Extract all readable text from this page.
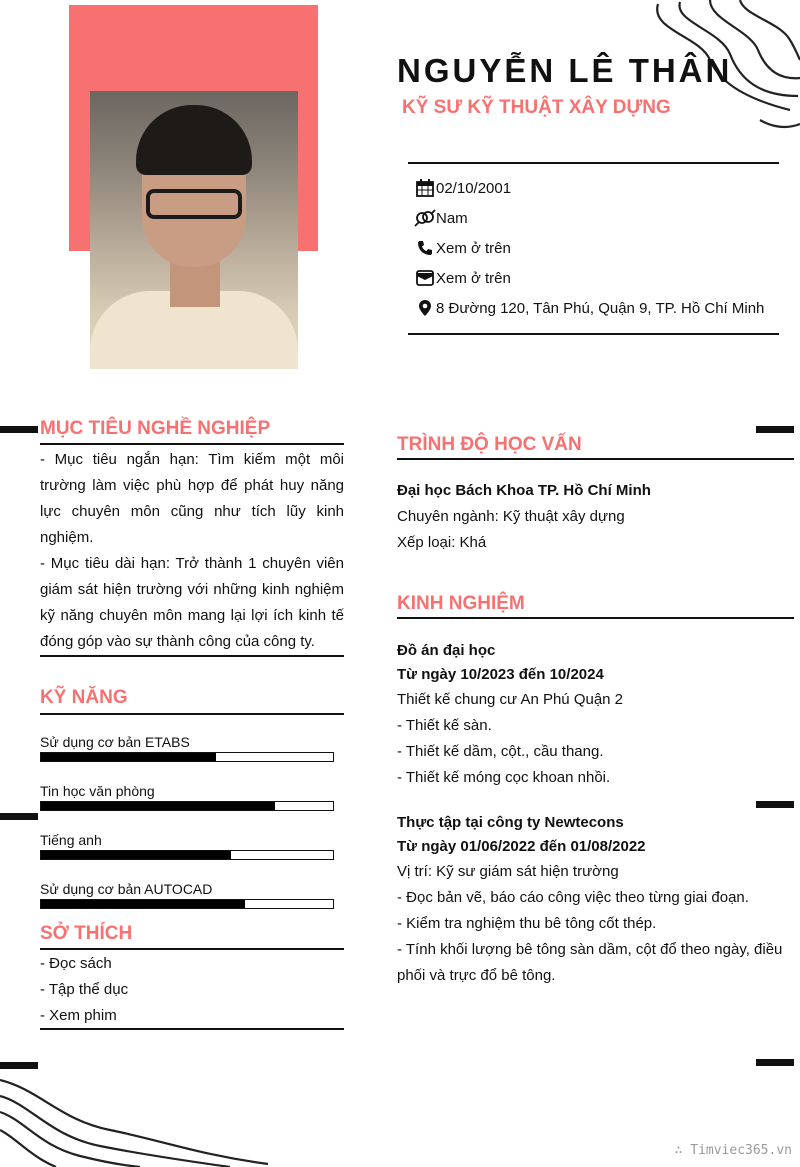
NGUYỄN LÊ THÂN
KỸ SƯ KỸ THUẬT XÂY DỰNG
02/10/2001
Nam
Xem ở trên
Xem ở trên
8 Đường 120, Tân Phú, Quận 9, TP. Hồ Chí Minh
MỤC TIÊU NGHỀ NGHIỆP
- Mục tiêu ngắn hạn: Tìm kiếm một môi trường làm việc phù hợp để phát huy năng lực chuyên môn cũng như tích lũy kinh nghiệm.
- Mục tiêu dài hạn: Trở thành 1 chuyên viên giám sát hiện trường với những kinh nghiệm kỹ năng chuyên môn mang lại lợi ích kinh tế đóng góp vào sự thành công của công ty.
KỸ NĂNG
Sử dụng cơ bản ETABS
Tin học văn phòng
Tiếng anh
Sử dụng cơ bản AUTOCAD
SỞ THÍCH
- Đọc sách
- Tập thể dục
- Xem phim
TRÌNH ĐỘ HỌC VẤN
Đại học Bách Khoa TP. Hồ Chí Minh
Chuyên ngành: Kỹ thuật xây dựng
Xếp loại: Khá
KINH NGHIỆM
Đồ án đại học
Từ ngày 10/2023 đến 10/2024
Thiết kế chung cư An Phú Quận 2
- Thiết kế sàn.
- Thiết kế dầm, cột., cầu thang.
- Thiết kế móng cọc khoan nhồi.
Thực tập tại công ty Newtecons
Từ ngày 01/06/2022 đến 01/08/2022
Vị trí: Kỹ sư giám sát hiện trường
- Đọc bản vẽ, báo cáo công việc theo từng giai đoạn.
- Kiểm tra nghiệm thu bê tông cốt thép.
- Tính khối lượng bê tông sàn dầm, cột đổ theo ngày, điều
phối và trực đổ bê tông.
∴ Timviec365.vn
